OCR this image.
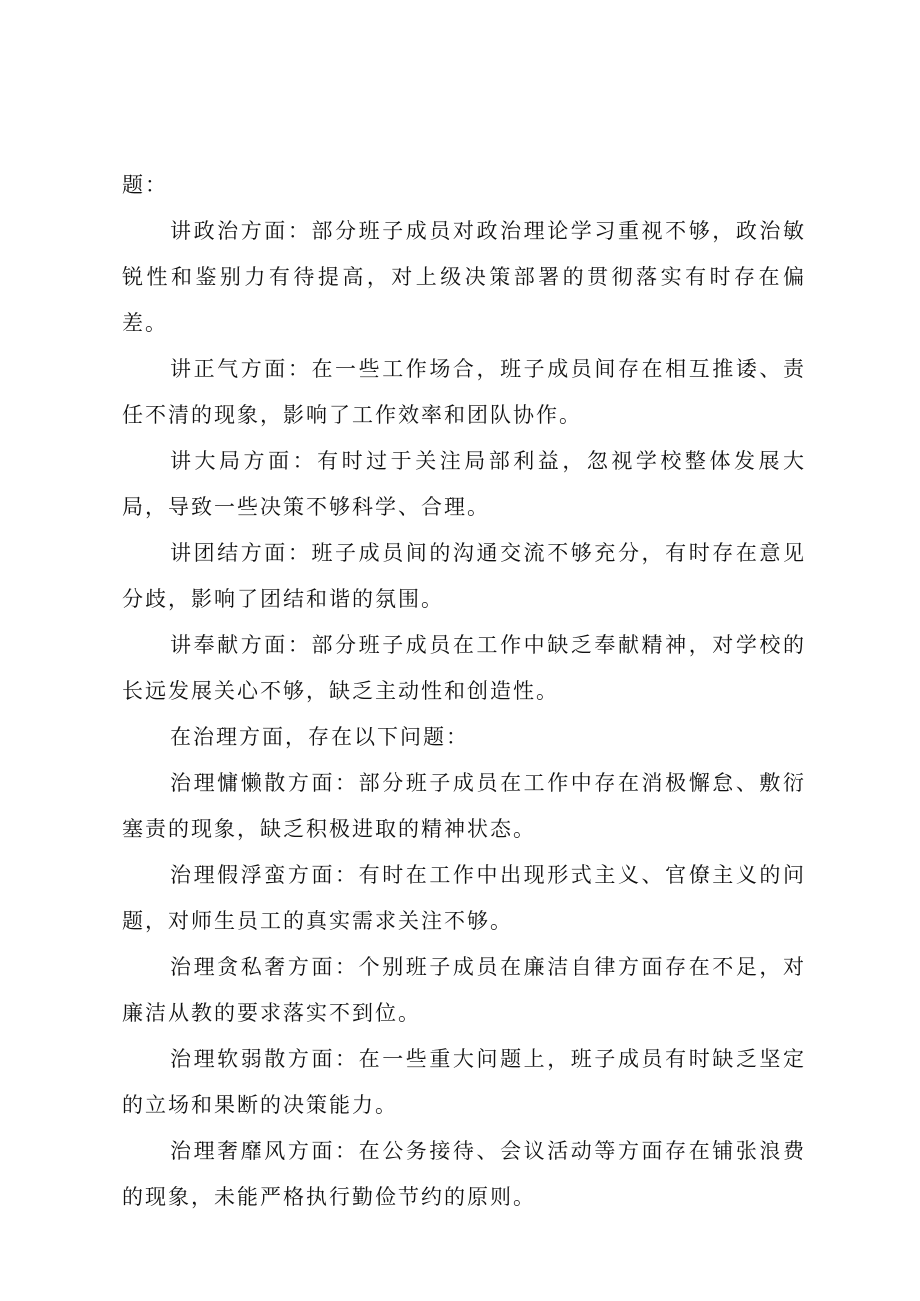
题：

讲政治方面：部分班子成员对政治理论学习重视不够，政治敏锐性和鉴别力有待提高，对上级决策部署的贯彻落实有时存在偏差。

讲正气方面：在一些工作场合，班子成员间存在相互推诿、责任不清的现象，影响了工作效率和团队协作。

讲大局方面：有时过于关注局部利益，忽视学校整体发展大局，导致一些决策不够科学、合理。

讲团结方面：班子成员间的沟通交流不够充分，有时存在意见分歧，影响了团结和谐的氛围。

讲奉献方面：部分班子成员在工作中缺乏奉献精神，对学校的长远发展关心不够，缺乏主动性和创造性。

在治理方面，存在以下问题：

治理慵懒散方面：部分班子成员在工作中存在消极懈怠、敷衍塞责的现象，缺乏积极进取的精神状态。

治理假浮蛮方面：有时在工作中出现形式主义、官僚主义的问题，对师生员工的真实需求关注不够。

治理贪私奢方面：个别班子成员在廉洁自律方面存在不足，对廉洁从教的要求落实不到位。

治理软弱散方面：在一些重大问题上，班子成员有时缺乏坚定的立场和果断的决策能力。

治理奢靡风方面：在公务接待、会议活动等方面存在铺张浪费的现象，未能严格执行勤俭节约的原则。
